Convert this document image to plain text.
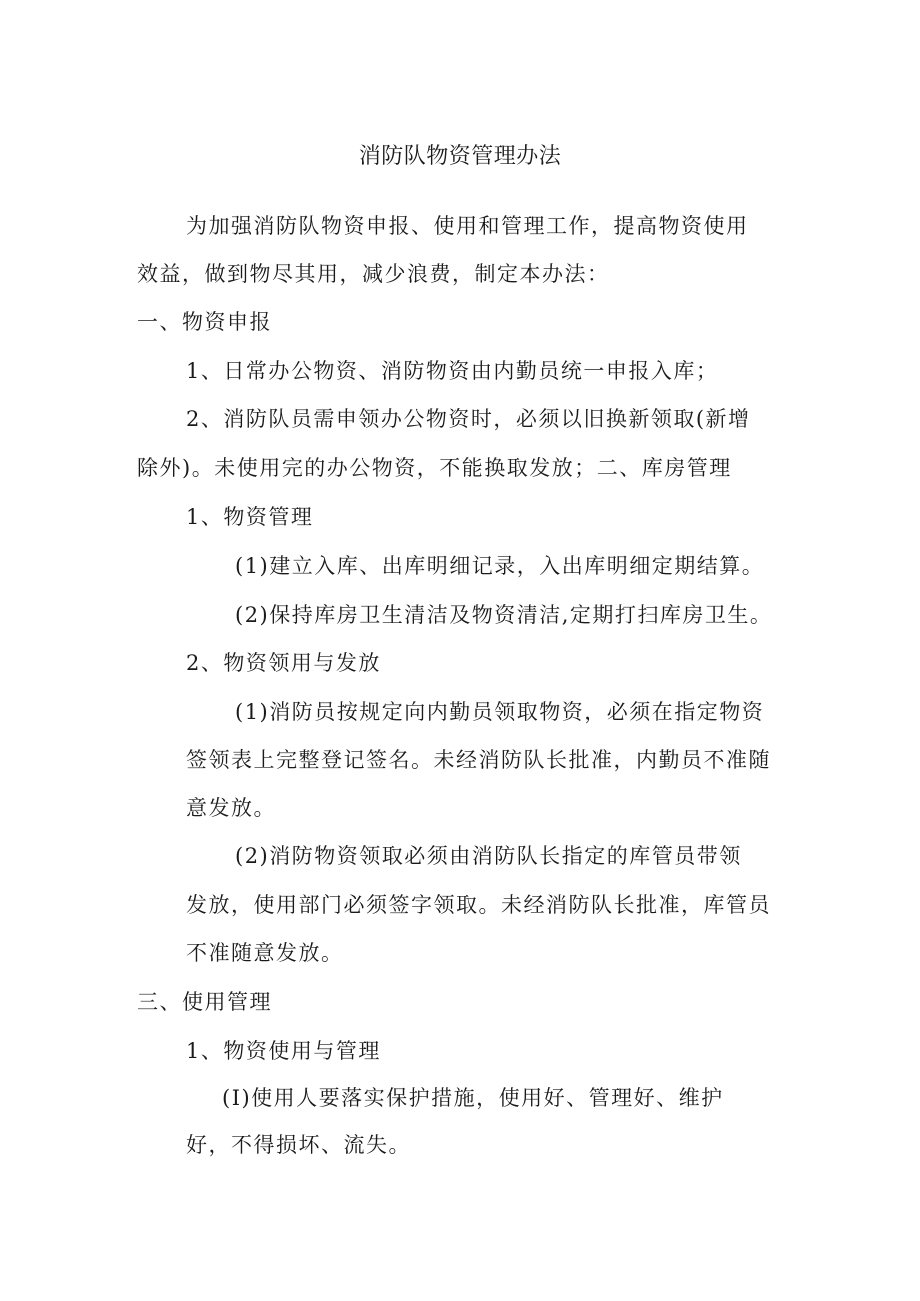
消防队物资管理办法
为加强消防队物资申报、使用和管理工作，提高物资使用
效益，做到物尽其用，减少浪费，制定本办法：
一、物资申报
1、日常办公物资、消防物资由内勤员统一申报入库；
2、消防队员需申领办公物资时，必须以旧换新领取(新增
除外)。未使用完的办公物资，不能换取发放；二、库房管理
1、物资管理
(1)建立入库、出库明细记录，入出库明细定期结算。
(2)保持库房卫生清洁及物资清洁,定期打扫库房卫生。
2、物资领用与发放
(1)消防员按规定向内勤员领取物资，必须在指定物资
签领表上完整登记签名。未经消防队长批准，内勤员不准随
意发放。
(2)消防物资领取必须由消防队长指定的库管员带领
发放，使用部门必须签字领取。未经消防队长批准，库管员
不准随意发放。
三、使用管理
1、物资使用与管理
(I)使用人要落实保护措施，使用好、管理好、维护
好，不得损坏、流失。
